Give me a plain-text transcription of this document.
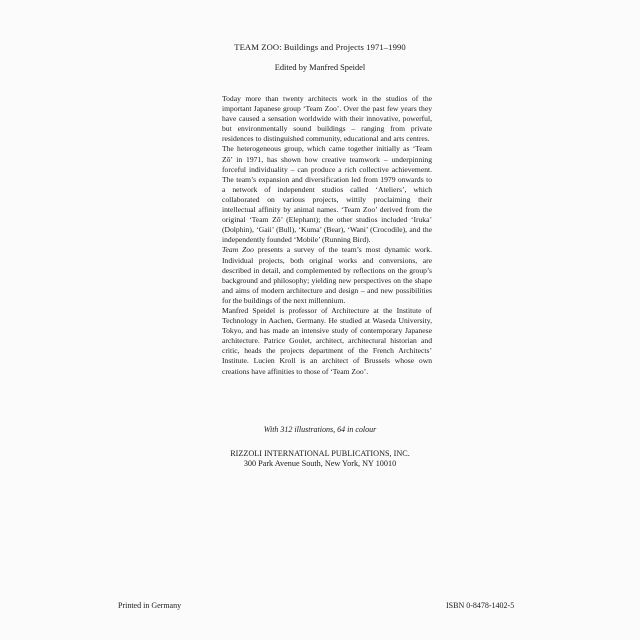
TEAM ZOO: Buildings and Projects 1971–1990
Edited by Manfred Speidel

Today more than twenty architects work in the studios of the important Japanese group ‘Team Zoo’. Over the past few years they have caused a sensation worldwide with their innovative, powerful, but environmentally sound buildings – ranging from private residences to distinguished community, educational and arts centres.

The heterogeneous group, which came together initially as ‘Team Zō’ in 1971, has shown how creative teamwork – underpinning forceful individuality – can produce a rich collective achievement. The team’s expansion and diversification led from 1979 onwards to a network of independent studios called ‘Ateliers’, which collaborated on various projects, wittily proclaiming their intellectual affinity by animal names. ‘Team Zoo’ derived from the original ‘Team Zō’ (Elephant); the other studios included ‘Iruka’ (Dolphin), ‘Gaii’ (Bull), ‘Kuma’ (Bear), ‘Wani’ (Crocodile), and the independently founded ‘Mobile’ (Running Bird).

Team Zoo presents a survey of the team’s most dynamic work. Individual projects, both original works and conversions, are described in detail, and complemented by reflections on the group’s background and philosophy; yielding new perspectives on the shape and aims of modern architecture and design – and new possibilities for the buildings of the next millennium.

Manfred Speidel is professor of Architecture at the Institute of Technology in Aachen, Germany. He studied at Waseda University, Tokyo, and has made an intensive study of contemporary Japanese architecture. Patrice Goulet, architect, architectural historian and critic, heads the projects department of the French Architects’ Institute. Lucien Kroll is an architect of Brussels whose own creations have affinities to those of ‘Team Zoo’.

With 312 illustrations, 64 in colour
RIZZOLI INTERNATIONAL PUBLICATIONS, INC.
300 Park Avenue South, New York, NY 10010
Printed in Germany	ISBN 0-8478-1402-5
